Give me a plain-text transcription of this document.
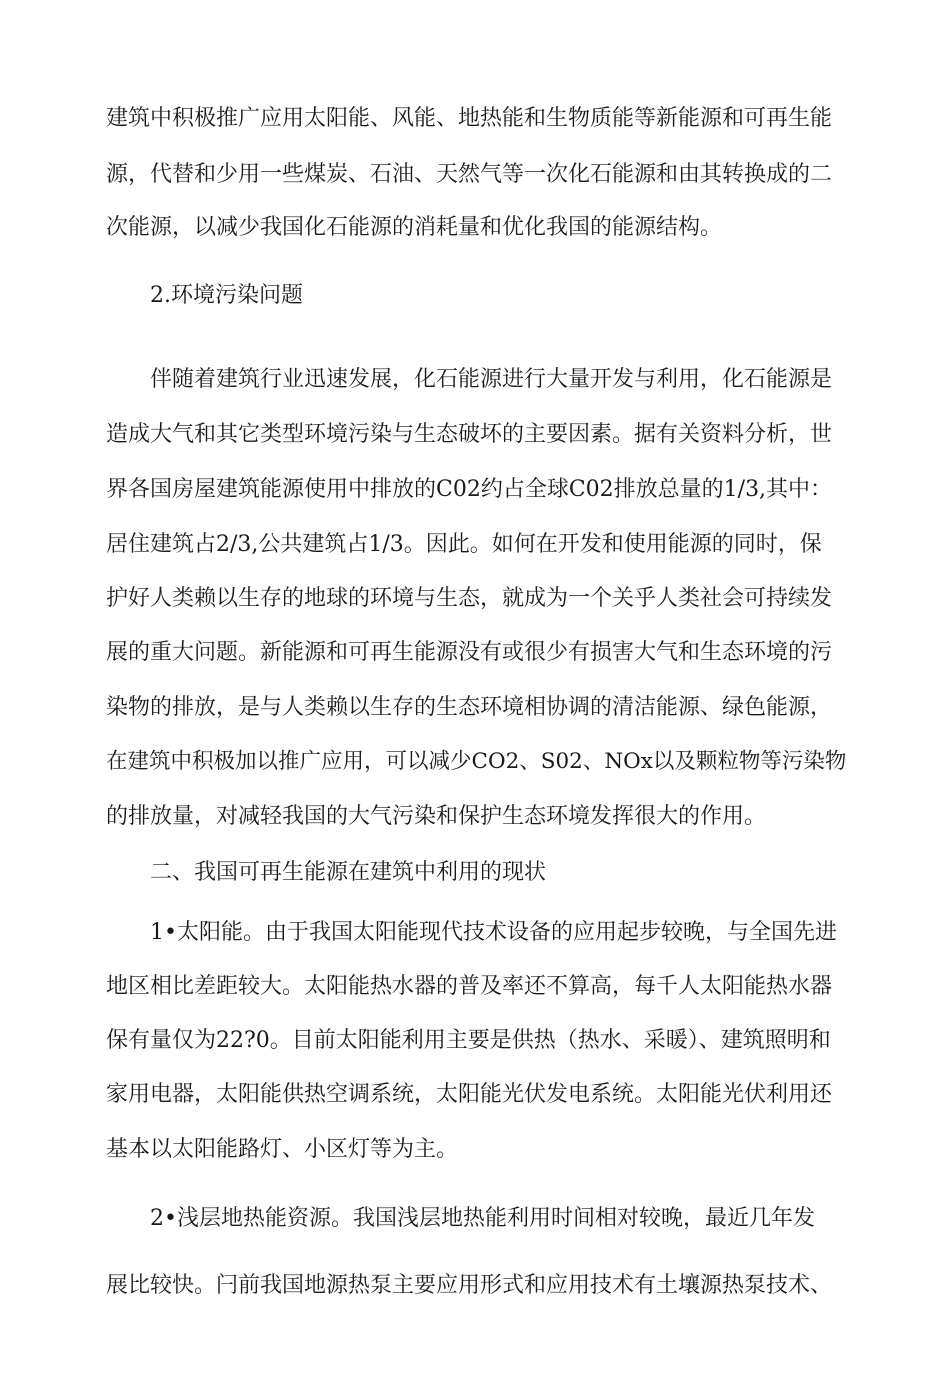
建筑中积极推广应用太阳能、风能、地热能和生物质能等新能源和可再生能
源，代替和少用一些煤炭、石油、天然气等一次化石能源和由其转换成的二
次能源，以减少我国化石能源的消耗量和优化我国的能源结构。
2.环境污染问题
伴随着建筑行业迅速发展，化石能源进行大量开发与利用，化石能源是
造成大气和其它类型环境污染与生态破坏的主要因素。据有关资料分析，世
界各国房屋建筑能源使用中排放的C02约占全球C02排放总量的1/3,其中：
居住建筑占2/3,公共建筑占1/3。因此。如何在开发和使用能源的同时，保
护好人类赖以生存的地球的环境与生态，就成为一个关乎人类社会可持续发
展的重大问题。新能源和可再生能源没有或很少有损害大气和生态环境的污
染物的排放，是与人类赖以生存的生态环境相协调的清洁能源、绿色能源，
在建筑中积极加以推广应用，可以减少CO2、S02、NOx以及颗粒物等污染物
的排放量，对减轻我国的大气污染和保护生态环境发挥很大的作用。
二、我国可再生能源在建筑中利用的现状
1•太阳能。由于我国太阳能现代技术设备的应用起步较晚，与全国先进
地区相比差距较大。太阳能热水器的普及率还不算高，每千人太阳能热水器
保有量仅为22?0。目前太阳能利用主要是供热（热水、采暖）、建筑照明和
家用电器，太阳能供热空调系统，太阳能光伏发电系统。太阳能光伏利用还
基本以太阳能路灯、小区灯等为主。
2•浅层地热能资源。我国浅层地热能利用时间相对较晚，最近几年发
展比较快。闩前我国地源热泵主要应用形式和应用技术有土壤源热泵技术、
